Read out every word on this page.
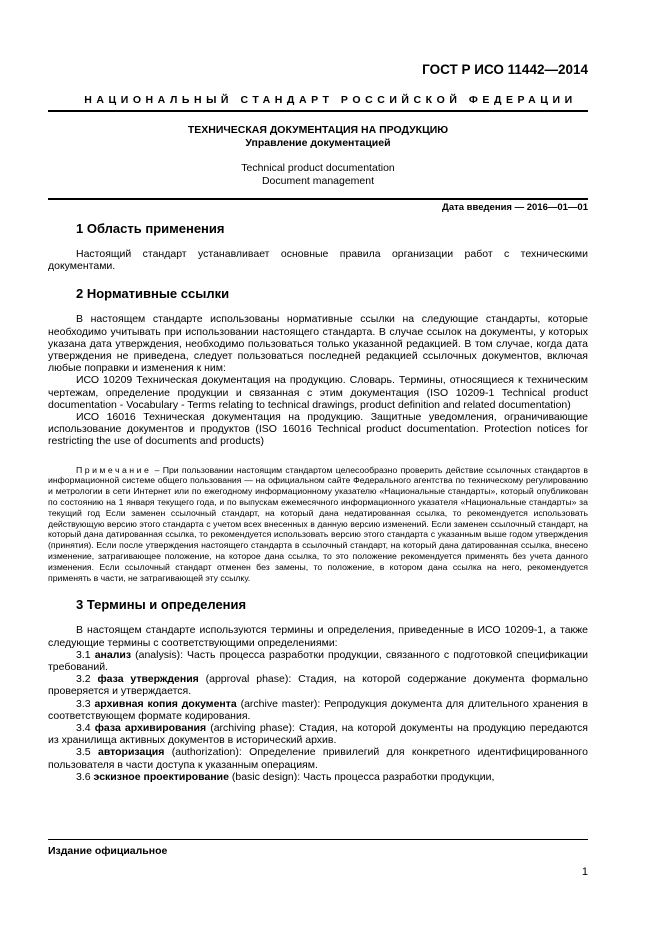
ГОСТ Р ИСО 11442—2014
НАЦИОНАЛЬНЫЙ СТАНДАРТ РОССИЙСКОЙ ФЕДЕРАЦИИ
ТЕХНИЧЕСКАЯ ДОКУМЕНТАЦИЯ НА ПРОДУКЦИЮ
Управление документацией
Technical product documentation
Document management
Дата введения — 2016—01—01
1 Область применения

Настоящий стандарт устанавливает основные правила организации работ с техническими документами.

2 Нормативные ссылки

В настоящем стандарте использованы нормативные ссылки на следующие стандарты, которые необходимо учитывать при использовании настоящего стандарта. В случае ссылок на документы, у которых указана дата утверждения, необходимо пользоваться только указанной редакцией. В том случае, когда дата утверждения не приведена, следует пользоваться последней редакцией ссылочных документов, включая любые поправки и изменения к ним:

ИСО 10209 Техническая документация на продукцию. Словарь. Термины, относящиеся к техническим чертежам, определение продукции и связанная с этим документация (ISO 10209-1 Technical product documentation - Vocabulary - Terms relating to technical drawings, product definition and related documentation)

ИСО 16016 Техническая документация на продукцию. Защитные уведомления, ограничивающие использование документов и продуктов (ISO 16016 Technical product documentation. Protection notices for restricting the use of documents and products)

Примечание – При пользовании настоящим стандартом целесообразно проверить действие ссылочных стандартов в информационной системе общего пользования — на официальном сайте Федерального агентства по техническому регулированию и метрологии в сети Интернет или по ежегодному информационному указателю «Национальные стандарты», который опубликован по состоянию на 1 января текущего года, и по выпускам ежемесячного информационного указателя «Национальные стандарты» за текущий год Если заменен ссылочный стандарт, на который дана недатированная ссылка, то рекомендуется использовать действующую версию этого стандарта с учетом всех внесенных в данную версию изменений. Если заменен ссылочный стандарт, на который дана датированная ссылка, то рекомендуется использовать версию этого стандарта с указанным выше годом утверждения (принятия). Если после утверждения настоящего стандарта в ссылочный стандарт, на который дана датированная ссылка, внесено изменение, затрагивающее положение, на которое дана ссылка, то это положение рекомендуется применять без учета данного изменения. Если ссылочный стандарт отменен без замены, то положение, в котором дана ссылка на него, рекомендуется применять в части, не затрагивающей эту ссылку.
3 Термины и определения

В настоящем стандарте используются термины и определения, приведенные в ИСО 10209-1, а также следующие термины с соответствующими определениями:

3.1 анализ (analysis): Часть процесса разработки продукции, связанного с подготовкой спецификации требований.

3.2 фаза утверждения (approval phase): Стадия, на которой содержание документа формально проверяется и утверждается.

3.3 архивная копия документа (archive master): Репродукция документа для длительного хранения в соответствующем формате кодирования.

3.4 фаза архивирования (archiving phase): Стадия, на которой документы на продукцию передаются из хранилища активных документов в исторический архив.

3.5 авторизация (authorization): Определение привилегий для конкретного идентифицированного пользователя в части доступа к указанным операциям.

3.6 эскизное проектирование (basic design): Часть процесса разработки продукции,

Издание официальное
1
